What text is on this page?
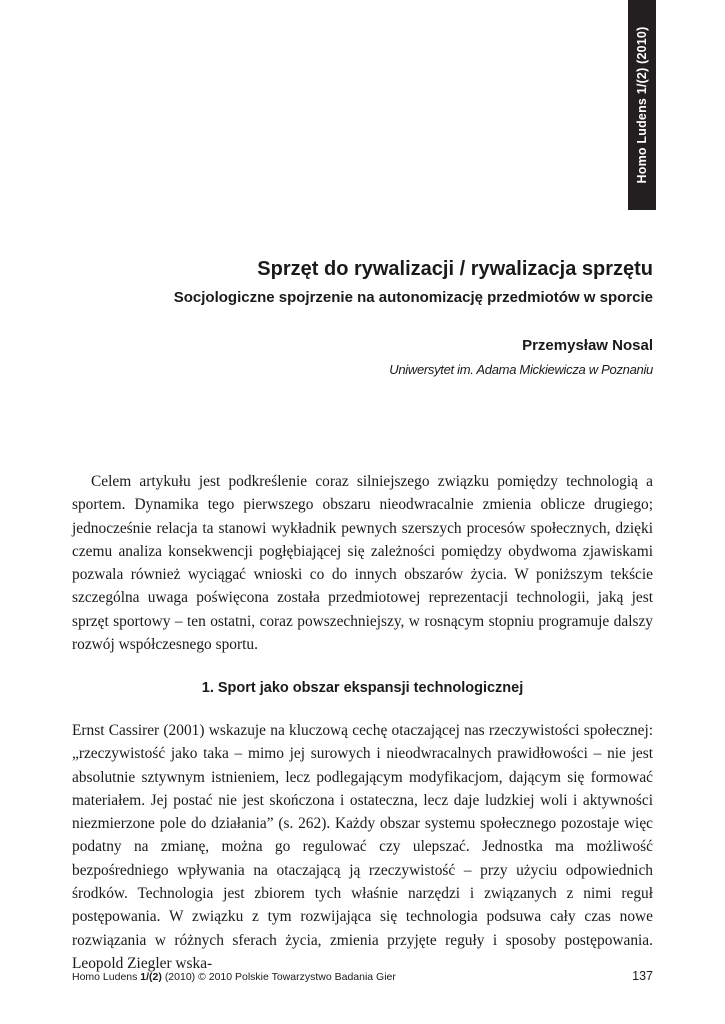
Homo Ludens 1/(2) (2010)
Sprzęt do rywalizacji / rywalizacja sprzętu
Socjologiczne spojrzenie na autonomizację przedmiotów w sporcie

Przemysław Nosal

Uniwersytet im. Adama Mickiewicza w Poznaniu

Celem artykułu jest podkreślenie coraz silniejszego związku pomiędzy technologią a sportem. Dynamika tego pierwszego obszaru nieodwracalnie zmienia oblicze drugiego; jednocześnie relacja ta stanowi wykładnik pewnych szerszych procesów społecznych, dzięki czemu analiza konsekwencji pogłębiającej się zależności pomiędzy obydwoma zjawiskami pozwala również wyciągać wnioski co do innych obszarów życia. W poniższym tekście szczególna uwaga poświęcona została przedmiotowej reprezentacji technologii, jaką jest sprzęt sportowy – ten ostatni, coraz powszechniejszy, w rosnącym stopniu programuje dalszy rozwój współczesnego sportu.

1. Sport jako obszar ekspansji technologicznej

Ernst Cassirer (2001) wskazuje na kluczową cechę otaczającej nas rzeczywistości społecznej: „rzeczywistość jako taka – mimo jej surowych i nieodwracalnych prawidłowości – nie jest absolutnie sztywnym istnieniem, lecz podlegającym modyfikacjom, dającym się formować materiałem. Jej postać nie jest skończona i ostateczna, lecz daje ludzkiej woli i aktywności niezmierzone pole do działania” (s. 262). Każdy obszar systemu społecznego pozostaje więc podatny na zmianę, można go regulować czy ulepszać. Jednostka ma możliwość bezpośredniego wpływania na otaczającą ją rzeczywistość – przy użyciu odpowiednich środków. Technologia jest zbiorem tych właśnie narzędzi i związanych z nimi reguł postępowania. W związku z tym rozwijająca się technologia podsuwa cały czas nowe rozwiązania w różnych sferach życia, zmienia przyjęte reguły i sposoby postępowania. Leopold Ziegler wska-

Homo Ludens 1/(2) (2010) © 2010 Polskie Towarzystwo Badania Gier	137
